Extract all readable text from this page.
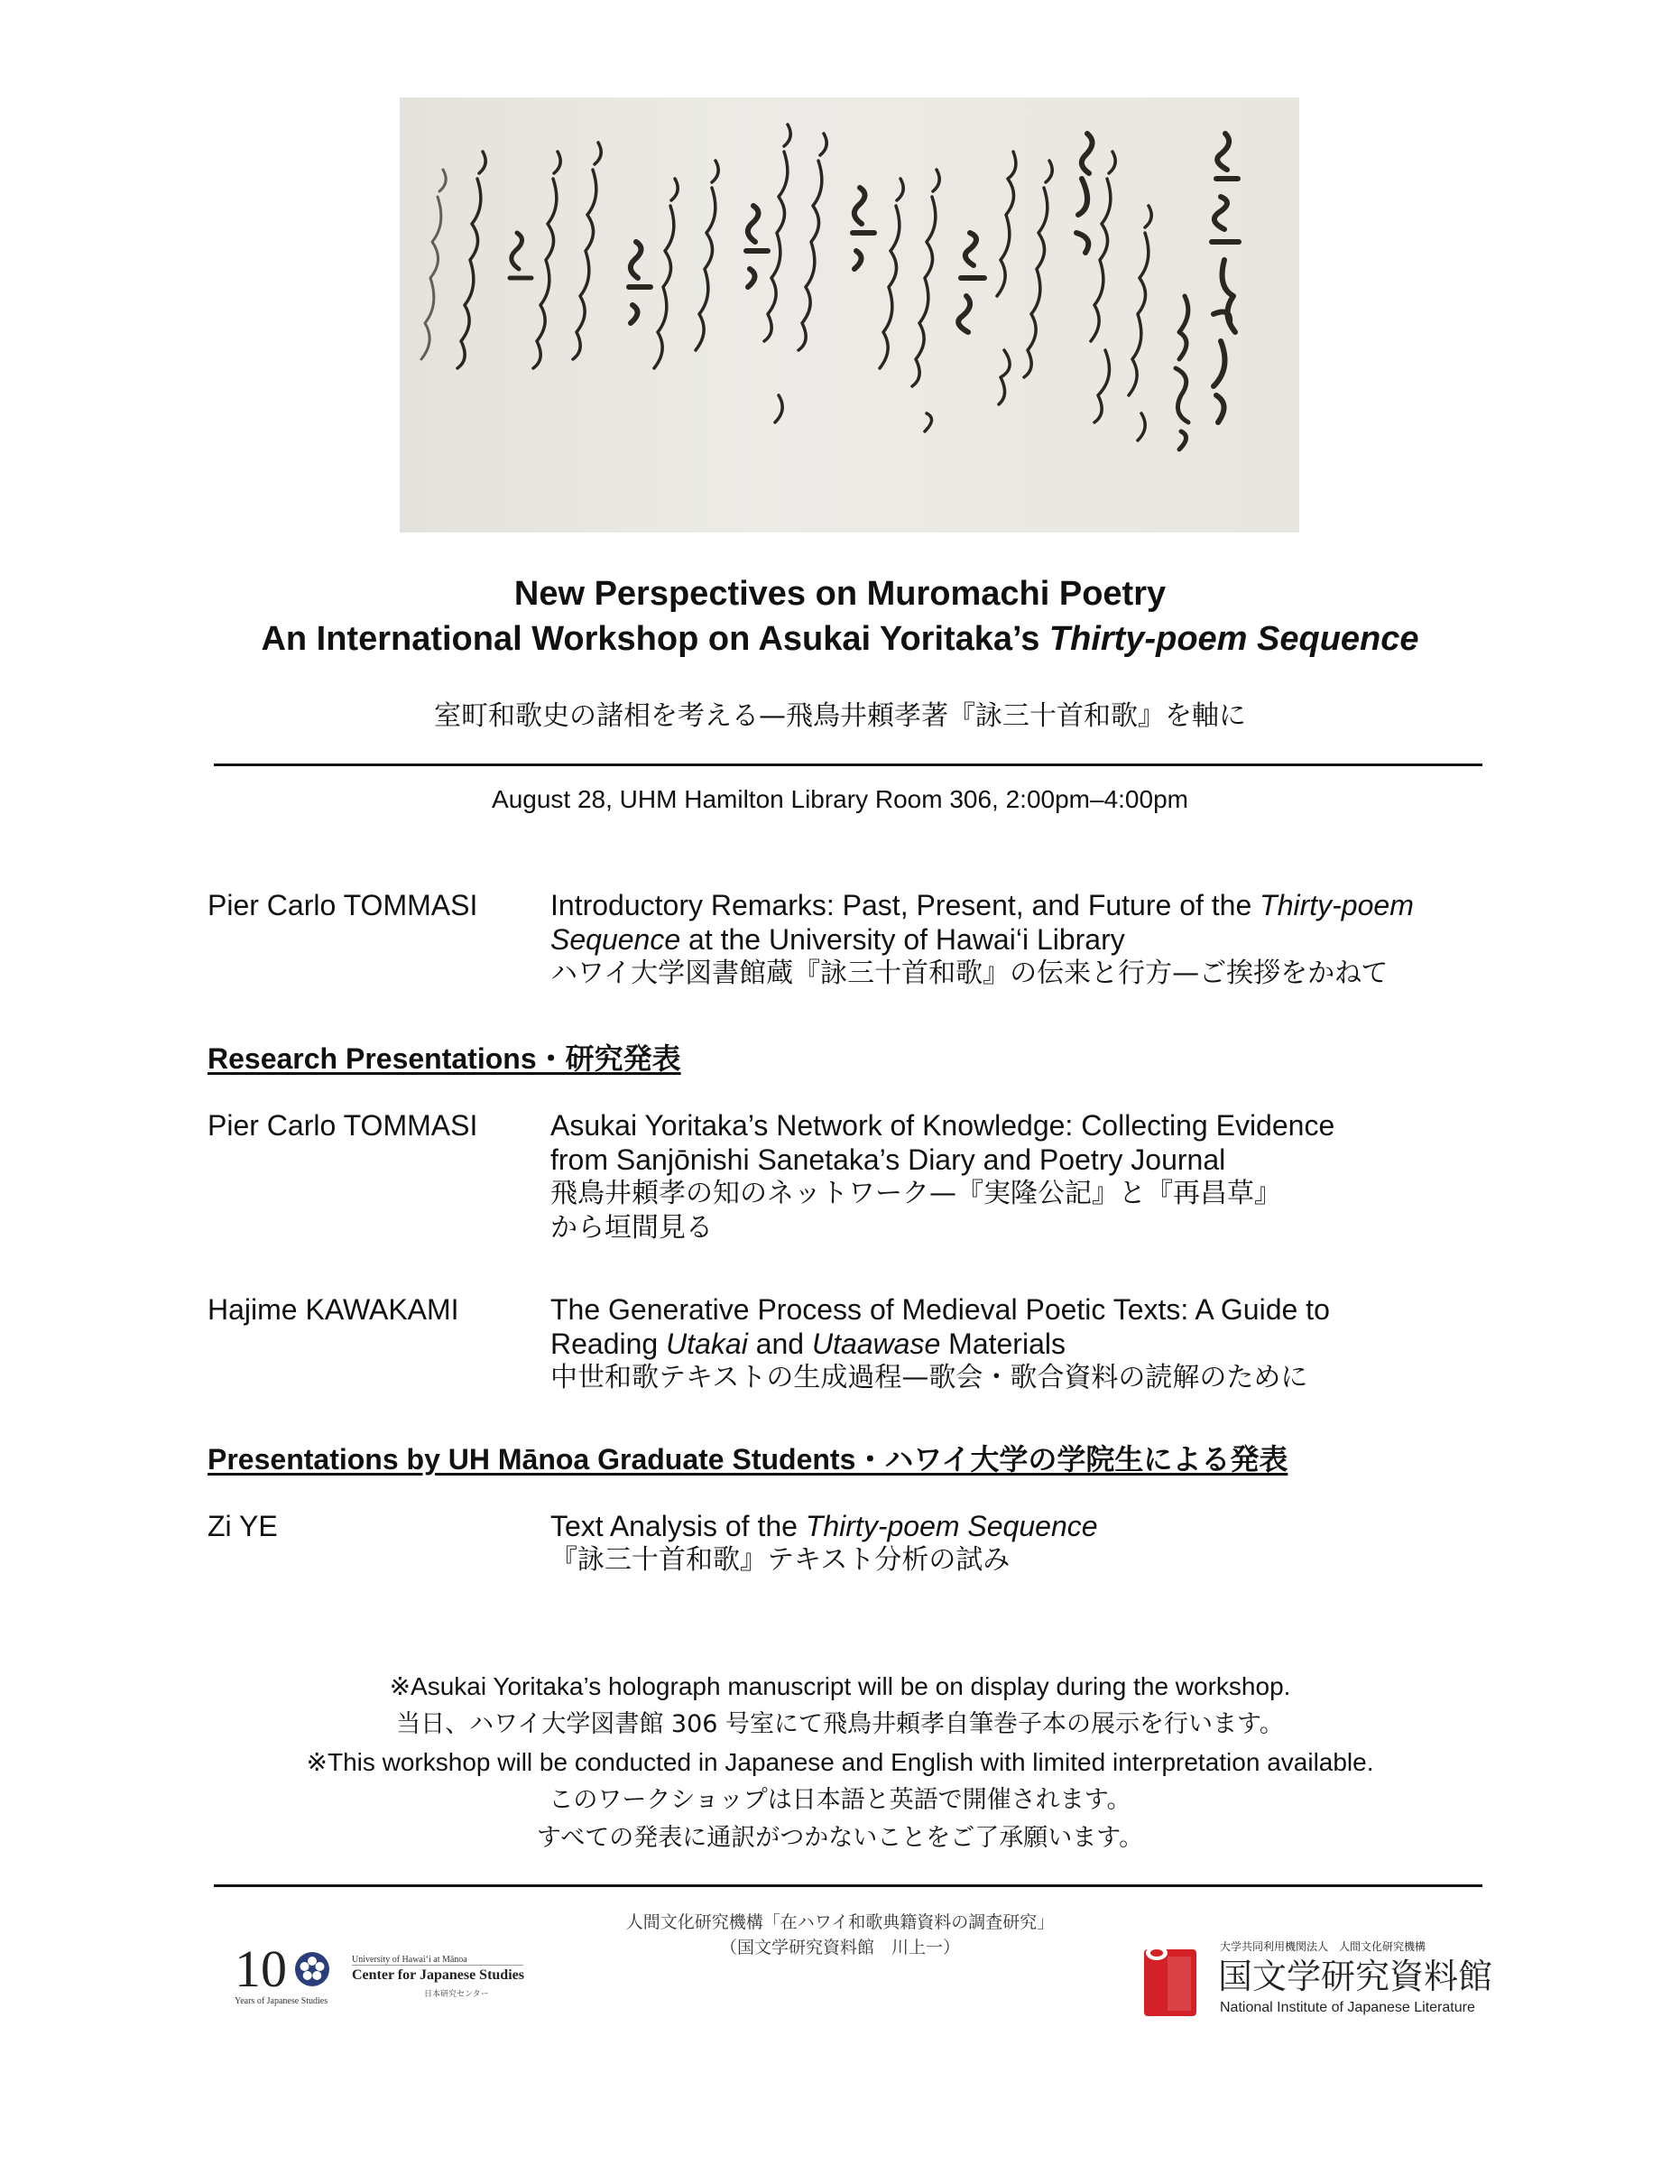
New Perspectives on Muromachi Poetry
An International Workshop on Asukai Yoritaka’s Thirty-poem Sequence
室町和歌史の諸相を考える—飛鳥井頼孝著『詠三十首和歌』を軸に
August 28, UHM Hamilton Library Room 306, 2:00pm–4:00pm
Pier Carlo TOMMASI	Introductory Remarks: Past, Present, and Future of the Thirty-poem
Sequence at the University of Hawai‘i Library
ハワイ大学図書館蔵『詠三十首和歌』の伝来と行方—ご挨拶をかねて
Research Presentations・研究発表
Pier Carlo TOMMASI	Asukai Yoritaka’s Network of Knowledge: Collecting Evidence
from Sanjōnishi Sanetaka’s Diary and Poetry Journal
飛鳥井頼孝の知のネットワーク—『実隆公記』と『再昌草』
から垣間見る
Hajime KAWAKAMI	The Generative Process of Medieval Poetic Texts: A Guide to
Reading Utakai and Utaawase Materials
中世和歌テキストの生成過程—歌会・歌合資料の読解のために
Presentations by UH Mānoa Graduate Students・ハワイ大学の学院生による発表
Zi YE	Text Analysis of the Thirty-poem Sequence
『詠三十首和歌』テキスト分析の試み
※Asukai Yoritaka’s holograph manuscript will be on display during the workshop.
当日、ハワイ大学図書館 306 号室にて飛鳥井頼孝自筆巻子本の展示を行います。
※This workshop will be conducted in Japanese and English with limited interpretation available.
このワークショップは日本語と英語で開催されます。
すべての発表に通訳がつかないことをご了承願います。
人間文化研究機構「在ハワイ和歌典籍資料の調査研究」
（国文学研究資料館　川上一）
10
Years of Japanese Studies
University of Hawai‘i at Mānoa
Center for Japanese Studies
日本研究センター
大学共同利用機関法人　人間文化研究機構
国文学研究資料館
National Institute of Japanese Literature
